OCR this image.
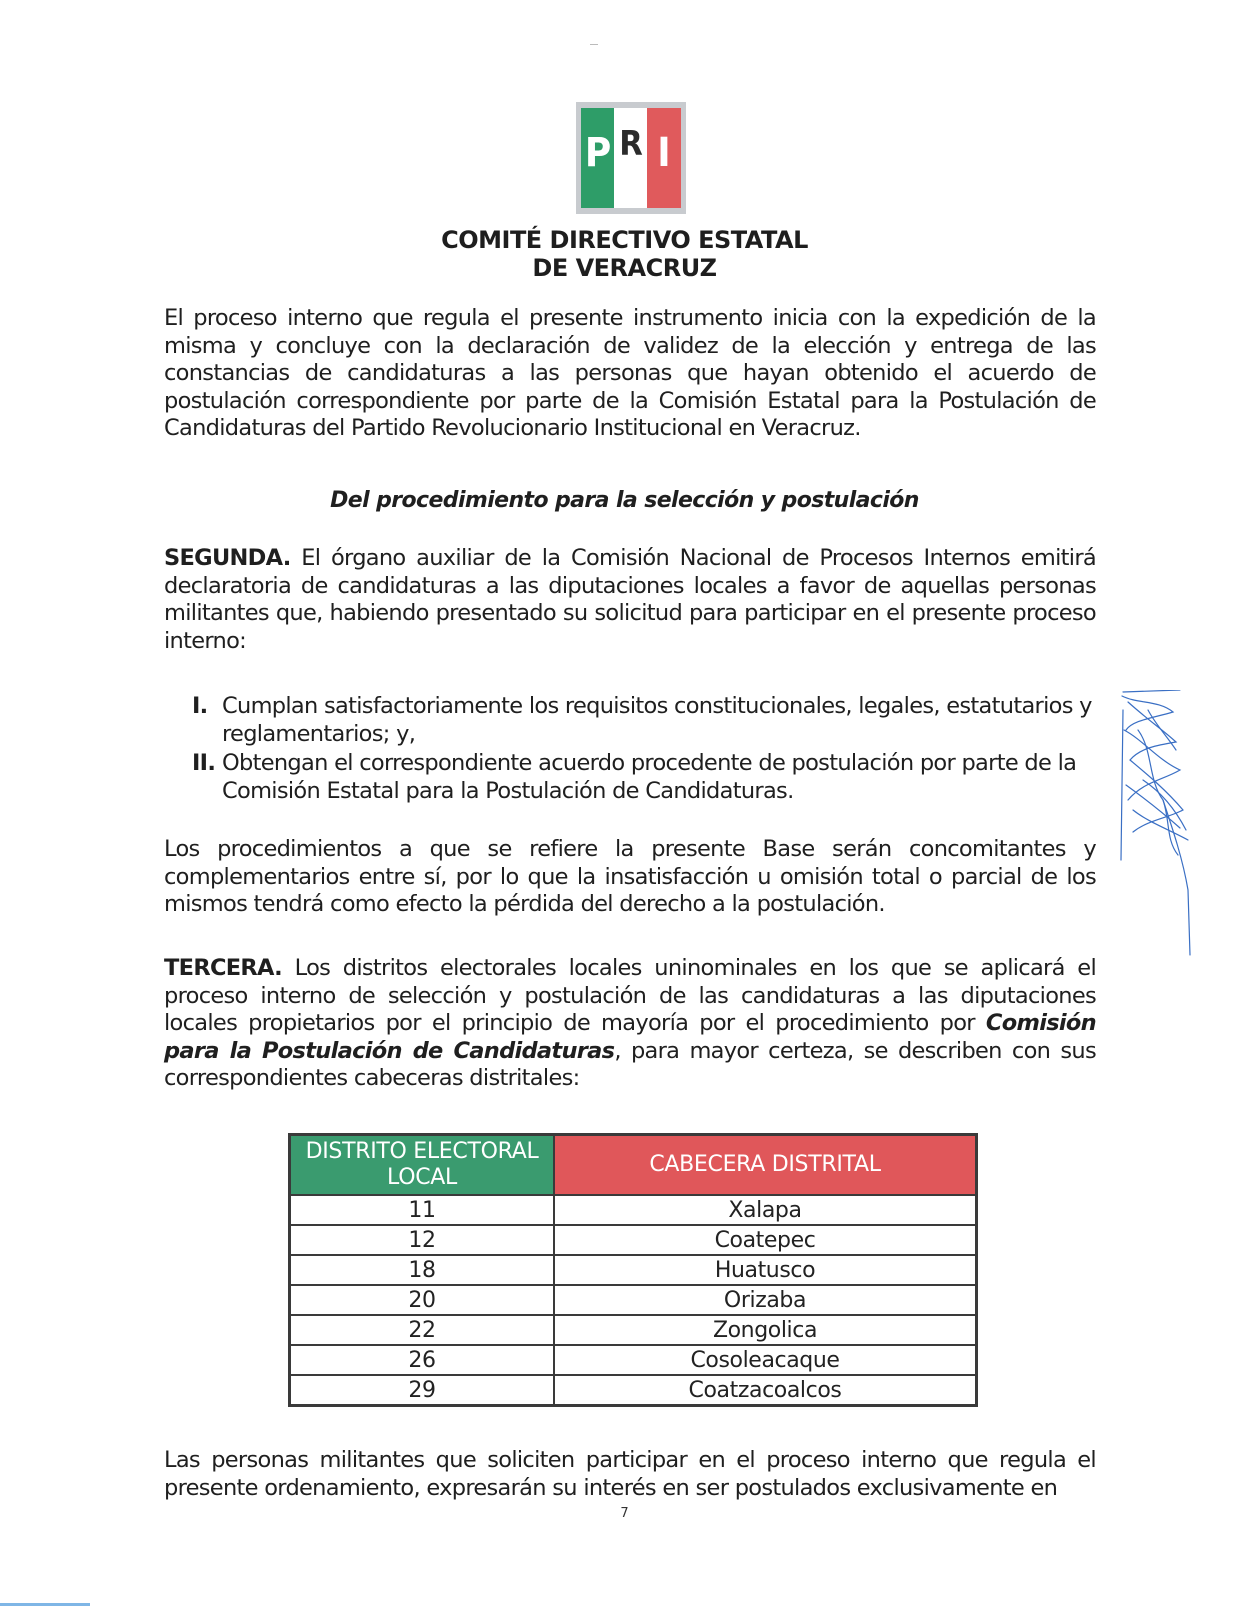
P R I
COMITÉ DIRECTIVO ESTATAL
DE VERACRUZ

El proceso interno que regula el presente instrumento inicia con la expedición de la misma y concluye con la declaración de validez de la elección y entrega de las constancias de candidaturas a las personas que hayan obtenido el acuerdo de postulación correspondiente por parte de la Comisión Estatal para la Postulación de Candidaturas del Partido Revolucionario Institucional en Veracruz.

Del procedimiento para la selección y postulación

SEGUNDA. El órgano auxiliar de la Comisión Nacional de Procesos Internos emitirá declaratoria de candidaturas a las diputaciones locales a favor de aquellas personas militantes que, habiendo presentado su solicitud para participar en el presente proceso interno:

I. Cumplan satisfactoriamente los requisitos constitucionales, legales, estatutarios y reglamentarios; y,
II. Obtengan el correspondiente acuerdo procedente de postulación por parte de la Comisión Estatal para la Postulación de Candidaturas.

Los procedimientos a que se refiere la presente Base serán concomitantes y complementarios entre sí, por lo que la insatisfacción u omisión total o parcial de los mismos tendrá como efecto la pérdida del derecho a la postulación.

TERCERA. Los distritos electorales locales uninominales en los que se aplicará el proceso interno de selección y postulación de las candidaturas a las diputaciones locales propietarios por el principio de mayoría por el procedimiento por Comisión para la Postulación de Candidaturas, para mayor certeza, se describen con sus correspondientes cabeceras distritales:

DISTRITO ELECTORAL LOCAL	CABECERA DISTRITAL
11	Xalapa
12	Coatepec
18	Huatusco
20	Orizaba
22	Zongolica
26	Cosoleacaque
29	Coatzacoalcos

Las personas militantes que soliciten participar en el proceso interno que regula el presente ordenamiento, expresarán su interés en ser postulados exclusivamente en

7
